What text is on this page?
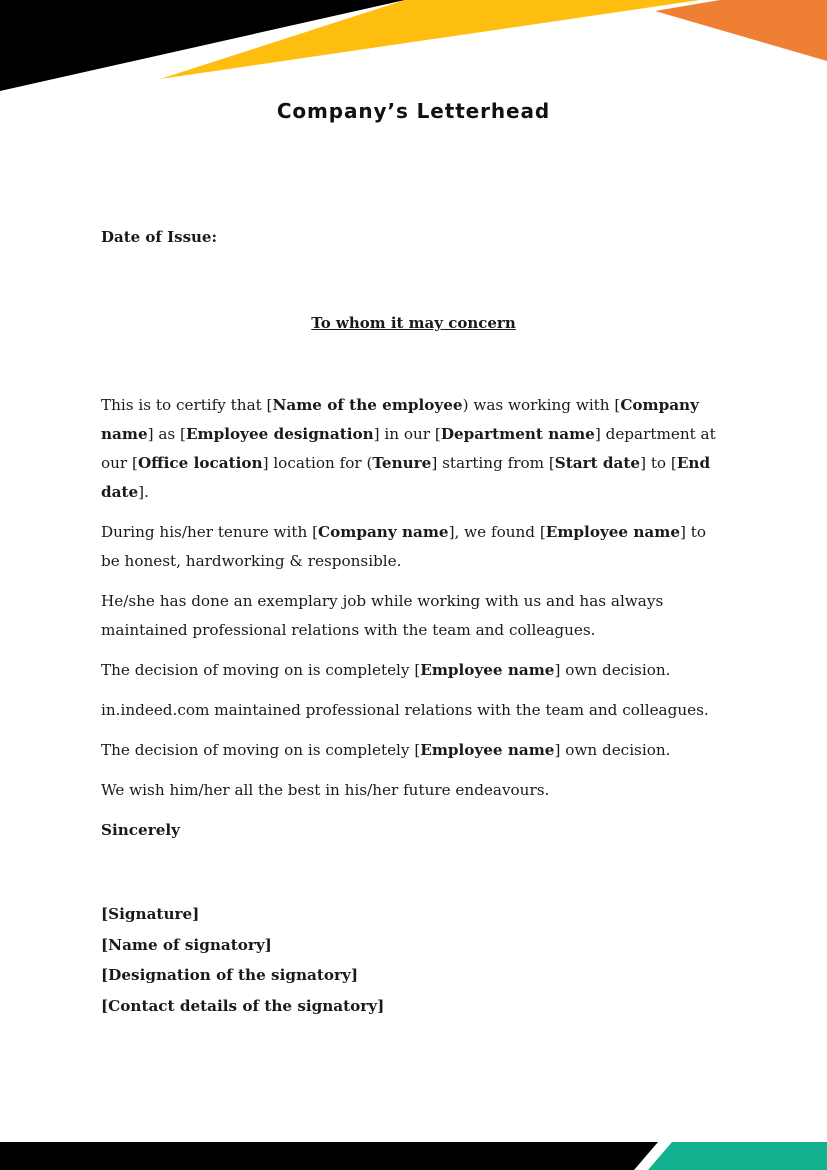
Company’s Letterhead

Date of Issue:

To whom it may concern

This is to certify that [Name of the employee) was working with [Company name] as [Employee designation] in our [Department name] department at our [Office location] location for (Tenure] starting from [Start date] to [End date].

During his/her tenure with [Company name], we found [Employee name] to be honest, hardworking & responsible.

He/she has done an exemplary job while working with us and has always maintained professional relations with the team and colleagues.

The decision of moving on is completely [Employee name] own decision.

in.indeed.com maintained professional relations with the team and colleagues.

The decision of moving on is completely [Employee name] own decision.

We wish him/her all the best in his/her future endeavours.

Sincerely

[Signature]
[Name of signatory]
[Designation of the signatory]
[Contact details of the signatory]
